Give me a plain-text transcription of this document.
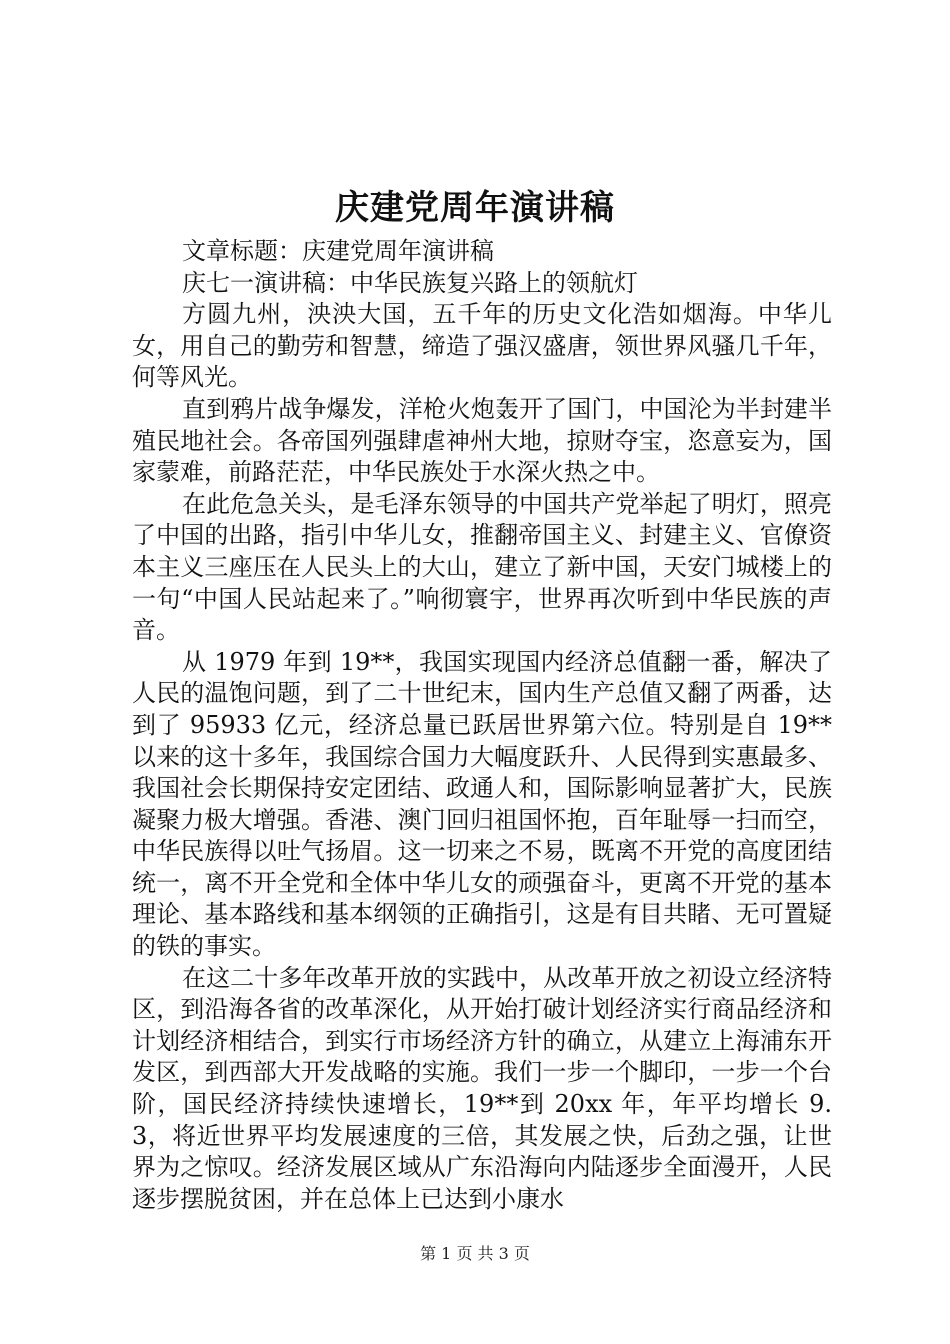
庆建党周年演讲稿

文章标题：庆建党周年演讲稿

庆七一演讲稿：中华民族复兴路上的领航灯

方圆九州，泱泱大国，五千年的历史文化浩如烟海。中华儿女，用自己的勤劳和智慧，缔造了强汉盛唐，领世界风骚几千年，何等风光。

直到鸦片战争爆发，洋枪火炮轰开了国门，中国沦为半封建半殖民地社会。各帝国列强肆虐神州大地，掠财夺宝，恣意妄为，国家蒙难，前路茫茫，中华民族处于水深火热之中。

在此危急关头，是毛泽东领导的中国共产党举起了明灯，照亮了中国的出路，指引中华儿女，推翻帝国主义、封建主义、官僚资本主义三座压在人民头上的大山，建立了新中国，天安门城楼上的一句“中国人民站起来了。”响彻寰宇，世界再次听到中华民族的声音。

从 1979 年到 19**，我国实现国内经济总值翻一番，解决了人民的温饱问题，到了二十世纪末，国内生产总值又翻了两番，达到了 95933 亿元，经济总量已跃居世界第六位。特别是自 19**以来的这十多年，我国综合国力大幅度跃升、人民得到实惠最多、我国社会长期保持安定团结、政通人和，国际影响显著扩大，民族凝聚力极大增强。香港、澳门回归祖国怀抱，百年耻辱一扫而空，中华民族得以吐气扬眉。这一切来之不易，既离不开党的高度团结统一，离不开全党和全体中华儿女的顽强奋斗，更离不开党的基本理论、基本路线和基本纲领的正确指引，这是有目共睹、无可置疑的铁的事实。

在这二十多年改革开放的实践中，从改革开放之初设立经济特区，到沿海各省的改革深化，从开始打破计划经济实行商品经济和计划经济相结合，到实行市场经济方针的确立，从建立上海浦东开发区，到西部大开发战略的实施。我们一步一个脚印，一步一个台阶，国民经济持续快速增长，19**到 20xx 年，年平均增长 9.3，将近世界平均发展速度的三倍，其发展之快，后劲之强，让世界为之惊叹。经济发展区域从广东沿海向内陆逐步全面漫开，人民逐步摆脱贫困，并在总体上已达到小康水

第 1 页 共 3 页
